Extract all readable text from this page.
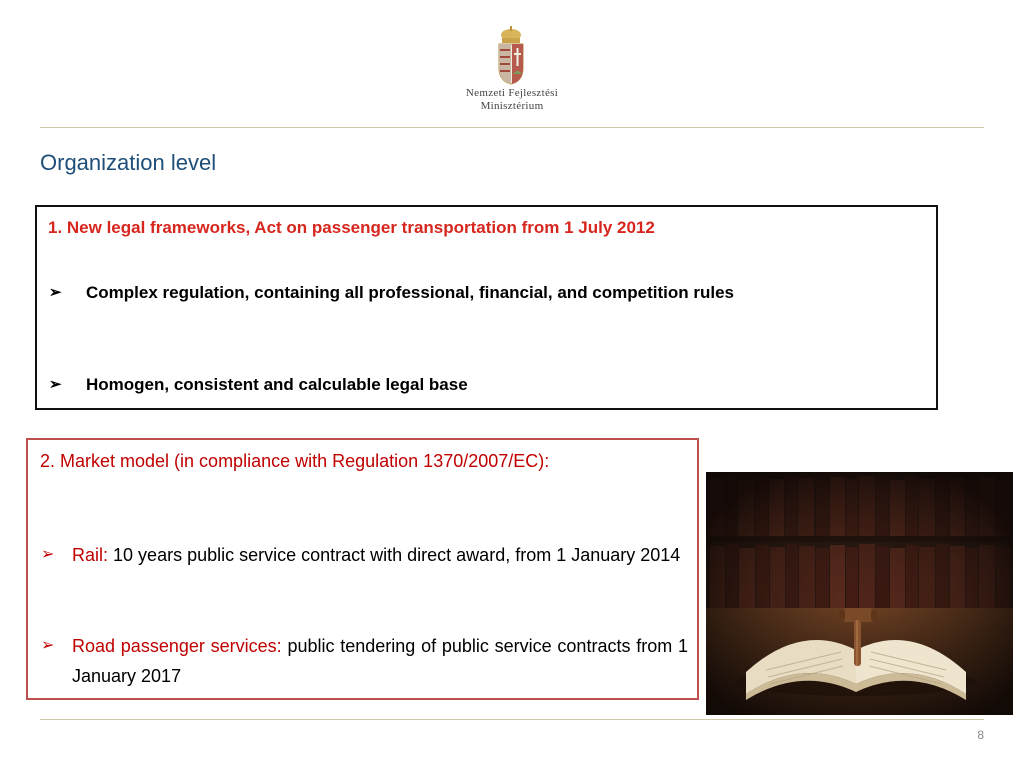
Nemzeti Fejlesztési
Minisztérium
Organization level
1. New legal frameworks, Act on passenger transportation from 1 July 2012
➢ Complex regulation, containing all professional, financial, and competition rules
➢ Homogen, consistent and calculable legal base
2. Market model (in compliance with Regulation 1370/2007/EC):
➢ Rail: 10 years public service contract with direct award, from 1 January 2014
➢ Road passenger services: public tendering of public service contracts from 1 January 2017
8
